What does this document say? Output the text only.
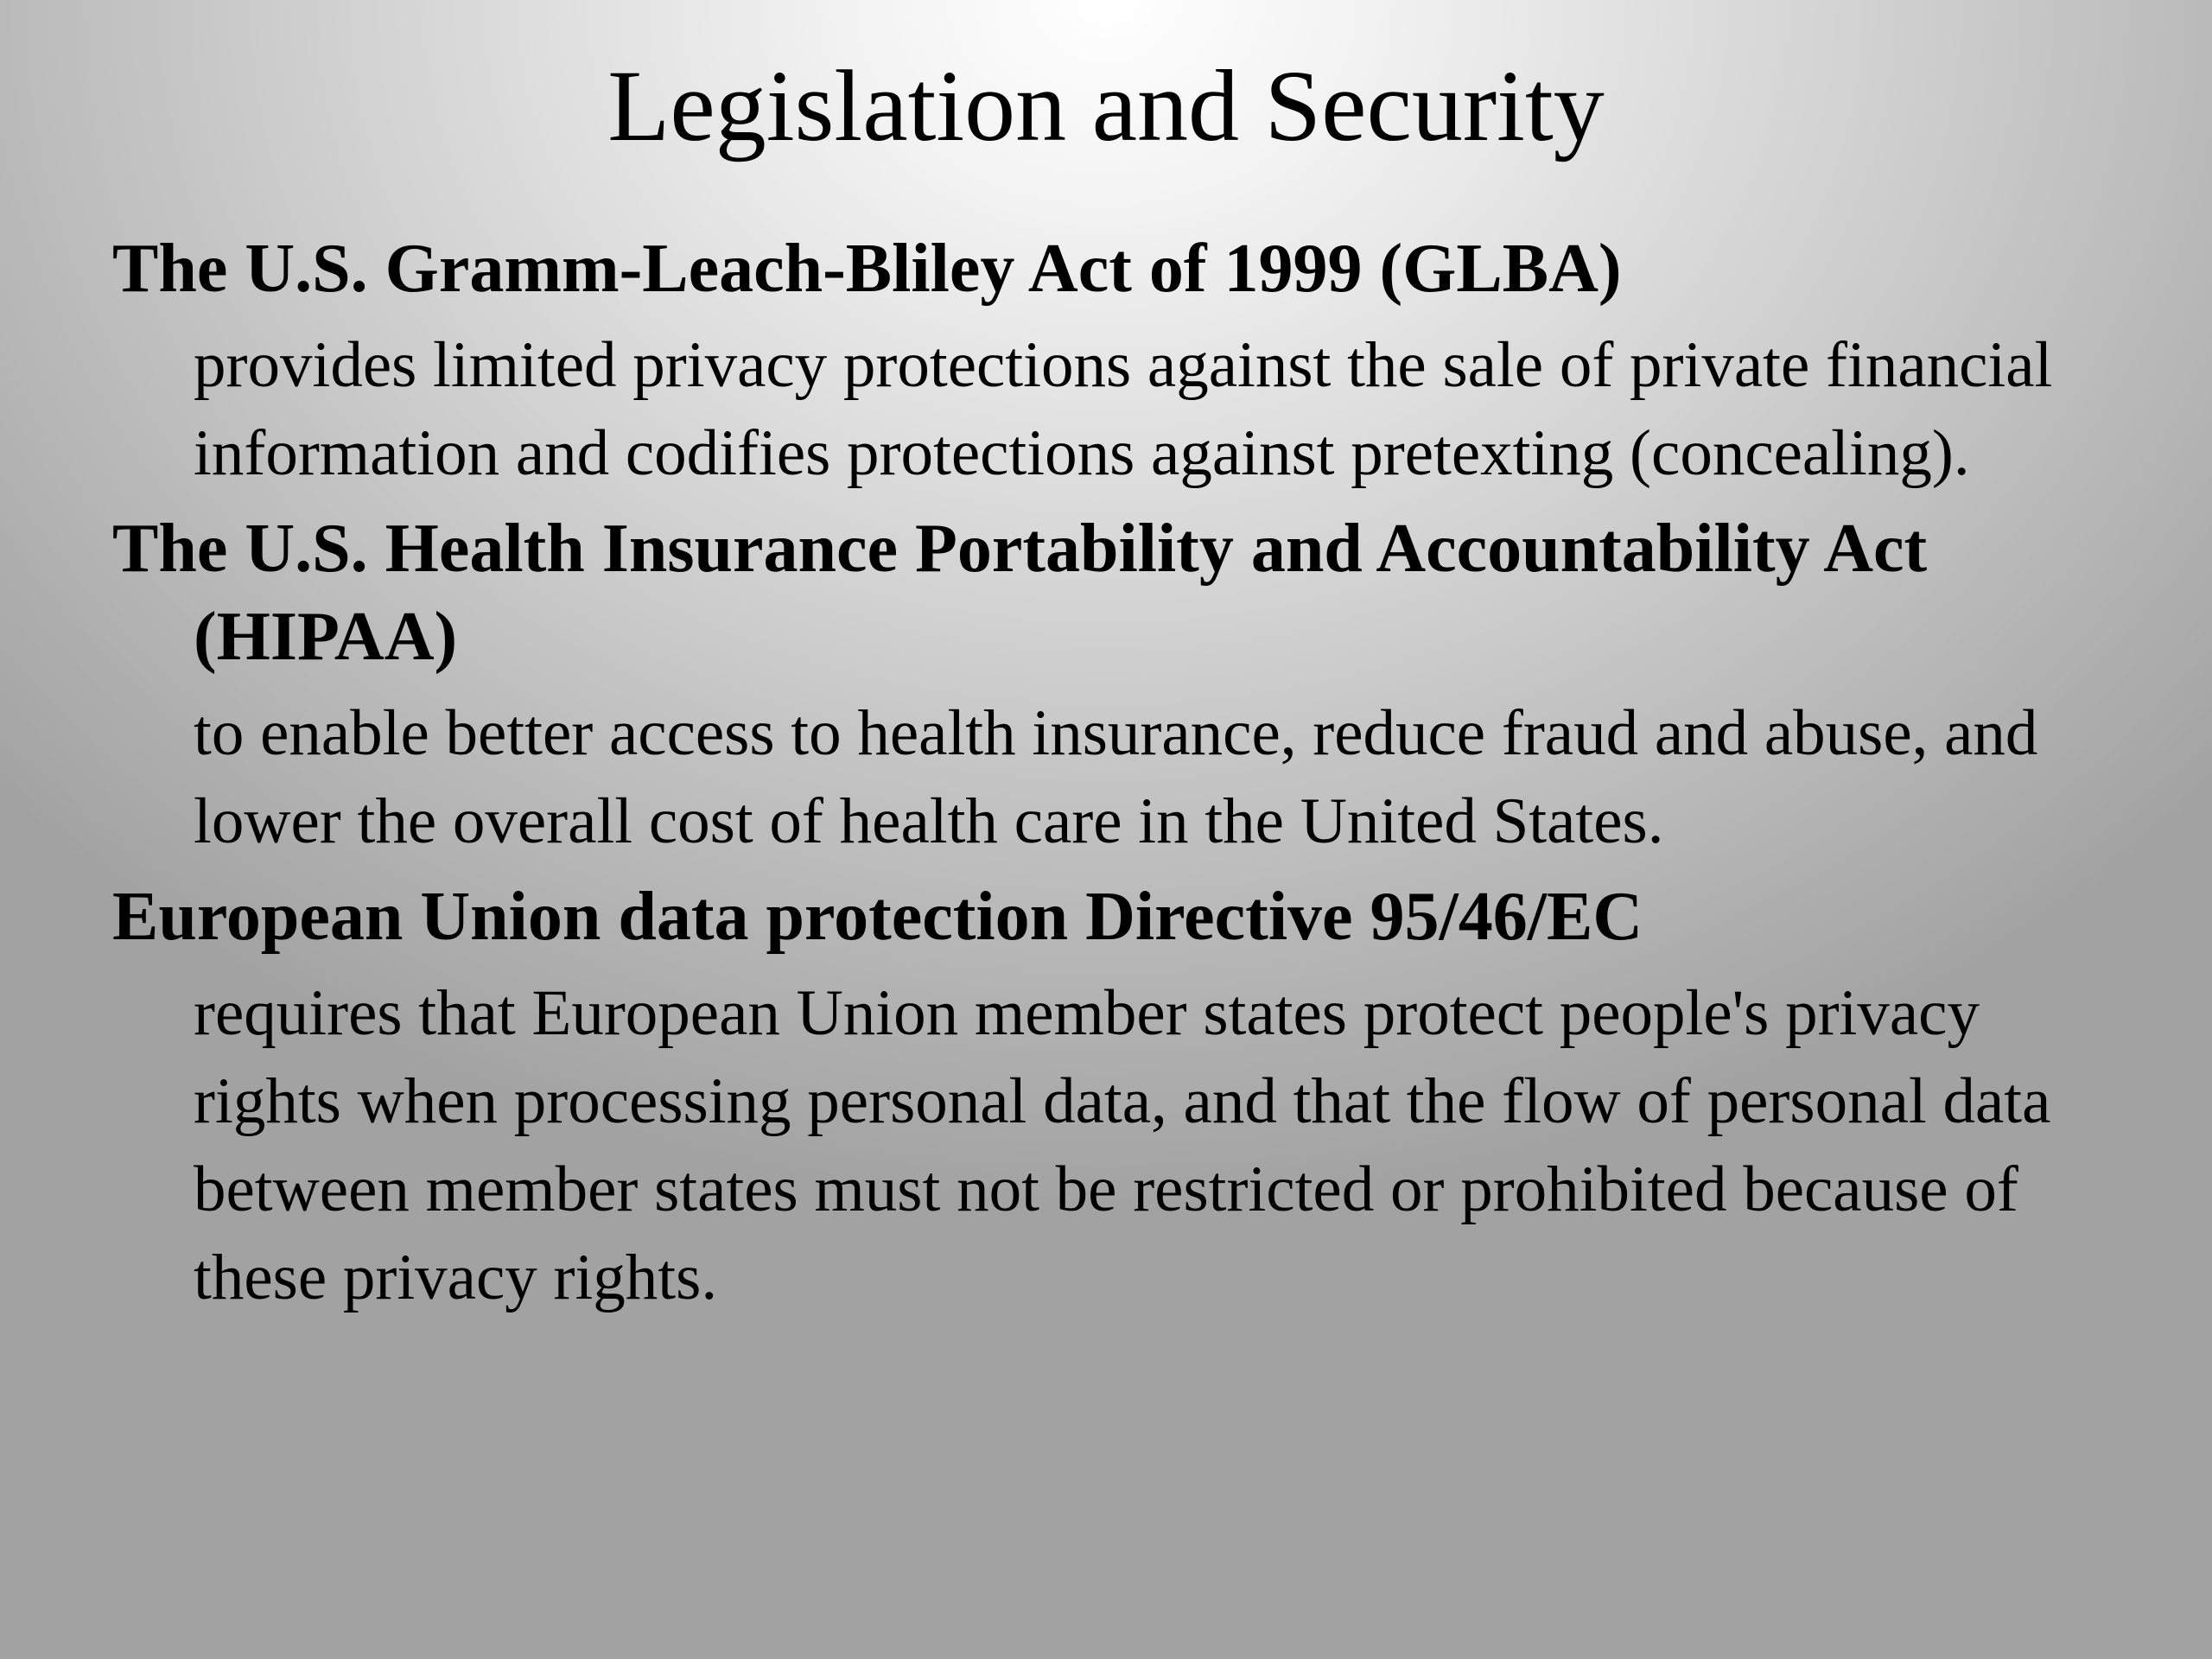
Legislation and Security

The U.S. Gramm-Leach-Bliley Act of 1999 (GLBA)

provides limited privacy protections against the sale of private financial information and codifies protections against pretexting (concealing).

The U.S. Health Insurance Portability and Accountability Act (HIPAA)

to enable better access to health insurance, reduce fraud and abuse, and lower the overall cost of health care in the United States.

European Union data protection Directive 95/46/EC

requires that European Union member states protect people's privacy rights when processing personal data, and that the flow of personal data between member states must not be restricted or prohibited because of these privacy rights.
